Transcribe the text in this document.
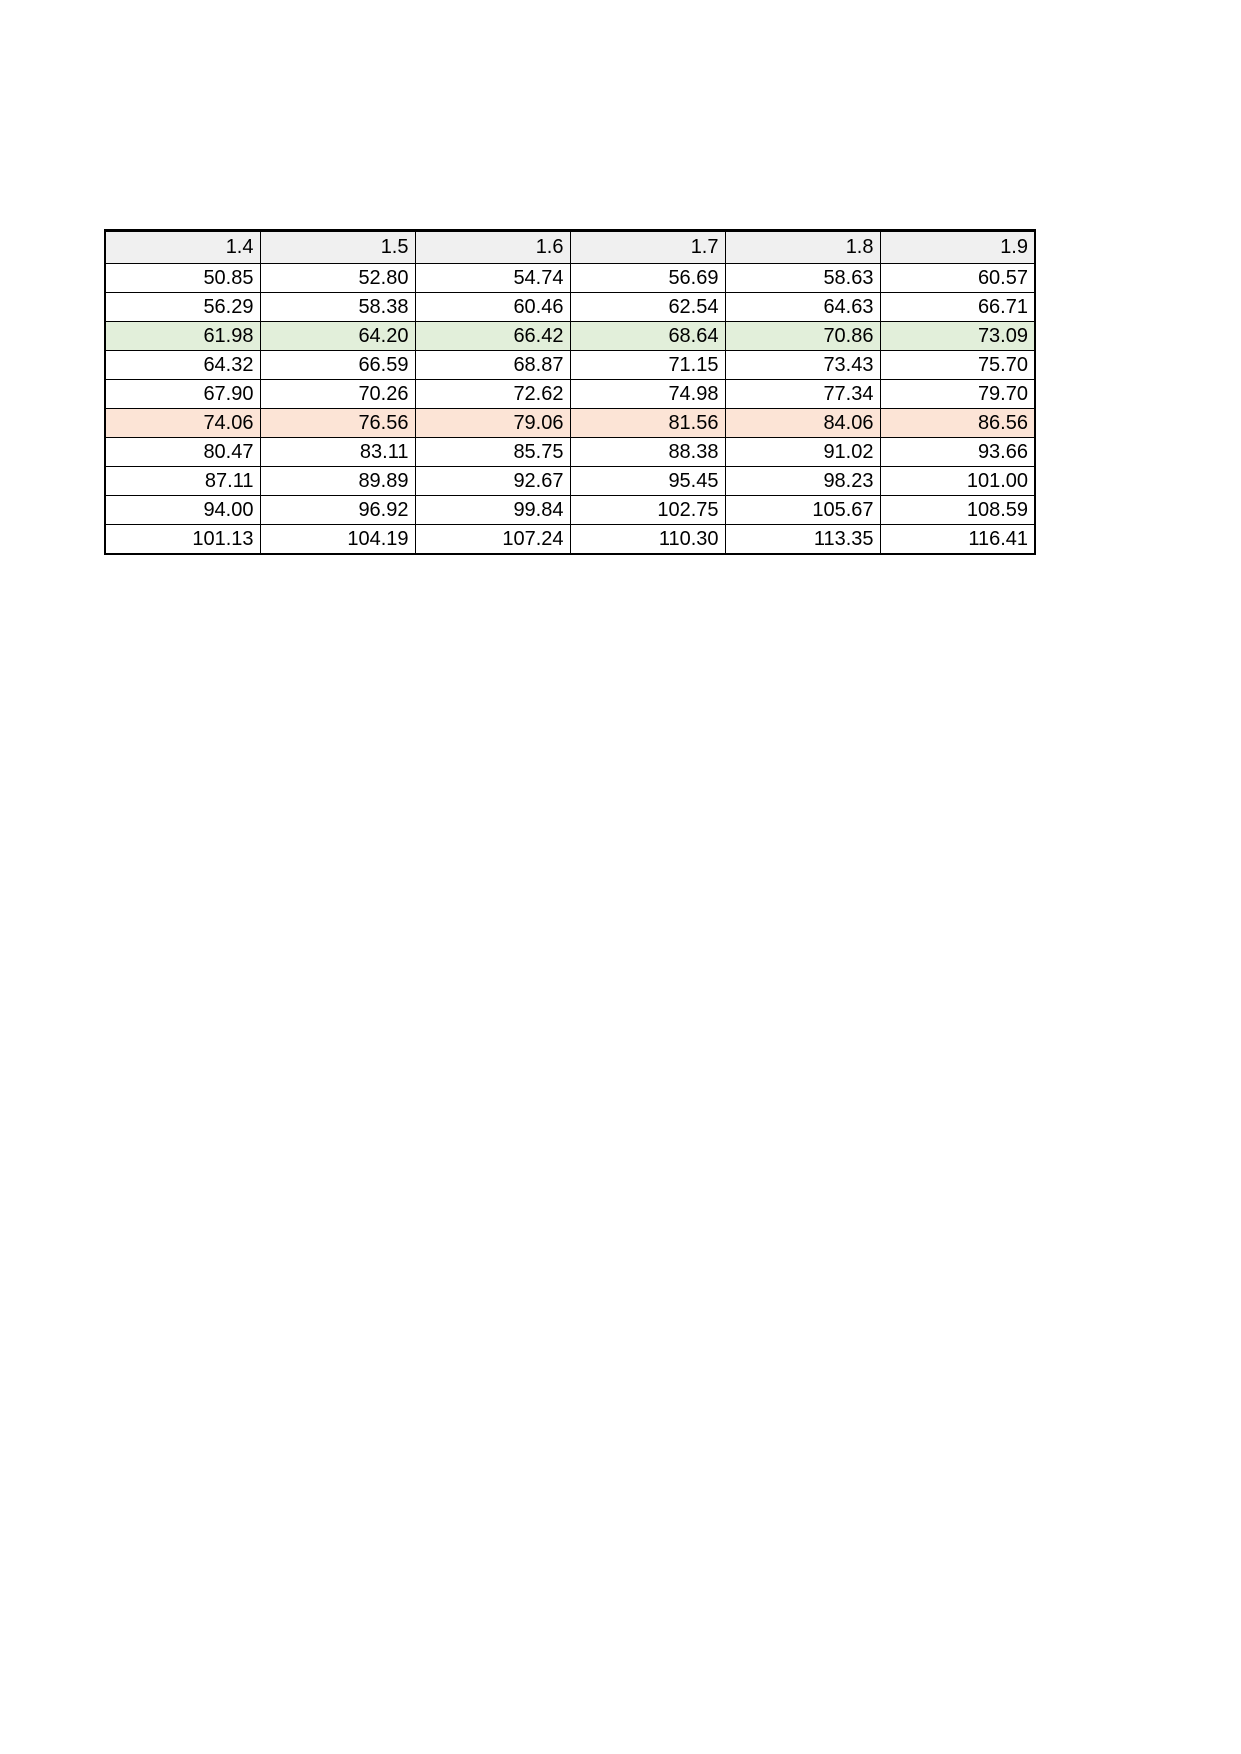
1.4	1.5	1.6	1.7	1.8	1.9
50.85	52.80	54.74	56.69	58.63	60.57
56.29	58.38	60.46	62.54	64.63	66.71
61.98	64.20	66.42	68.64	70.86	73.09
64.32	66.59	68.87	71.15	73.43	75.70
67.90	70.26	72.62	74.98	77.34	79.70
74.06	76.56	79.06	81.56	84.06	86.56
80.47	83.11	85.75	88.38	91.02	93.66
87.11	89.89	92.67	95.45	98.23	101.00
94.00	96.92	99.84	102.75	105.67	108.59
101.13	104.19	107.24	110.30	113.35	116.41
